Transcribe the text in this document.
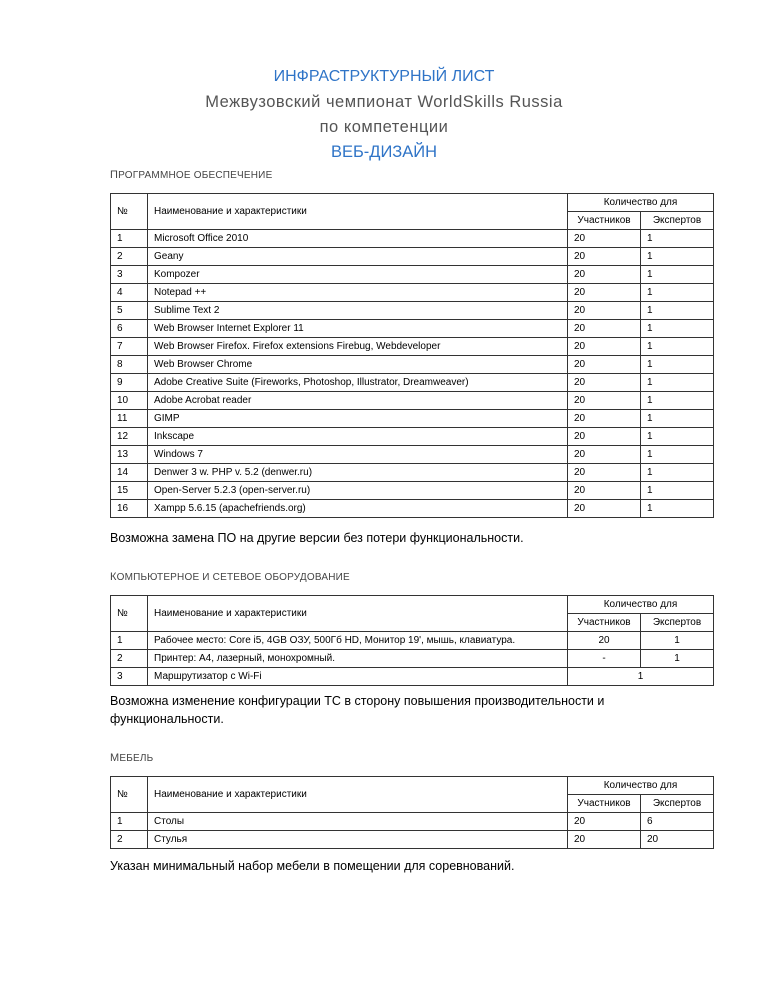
ИНФРАСТРУКТУРНЫЙ ЛИСТ
Межвузовский чемпионат WorldSkills Russia
по компетенции
ВЕБ-ДИЗАЙН
ПРОГРАММНОЕ ОБЕСПЕЧЕНИЕ
№	Наименование и характеристики	Количество для	
		Участников	Экспертов
1	Microsoft Office 2010	20	1
2	Geany	20	1
3	Kompozer	20	1
4	Notepad ++	20	1
5	Sublime Text 2	20	1
6	Web Browser Internet Explorer 11	20	1
7	Web Browser Firefox. Firefox extensions Firebug, Webdeveloper	20	1
8	Web Browser Chrome	20	1
9	Adobe Creative Suite (Fireworks, Photoshop, Illustrator, Dreamweaver)	20	1
10	Adobe Acrobat reader	20	1
11	GIMP	20	1
12	Inkscape	20	1
13	Windows 7	20	1
14	Denwer 3 w. PHP v. 5.2 (denwer.ru)	20	1
15	Open-Server 5.2.3 (open-server.ru)	20	1
16	Xampp 5.6.15 (apachefriends.org)	20	1
Возможна замена ПО на другие версии без потери функциональности.
КОМПЬЮТЕРНОЕ И СЕТЕВОЕ ОБОРУДОВАНИЕ
№	Наименование и характеристики	Количество для	
		Участников	Экспертов
1	Рабочее место: Core i5, 4GB ОЗУ, 500Гб HD, Монитор 19', мышь, клавиатура.	20	1
2	Принтер: А4, лазерный, монохромный.	-	1
3	Маршрутизатор с Wi-Fi	1	
Возможна изменение конфигурации ТС в сторону повышения производительности и функциональности.
МЕБЕЛЬ
№	Наименование и характеристики	Количество для	
		Участников	Экспертов
1	Столы	20	6
2	Стулья	20	20
Указан минимальный набор мебели в помещении для соревнований.
